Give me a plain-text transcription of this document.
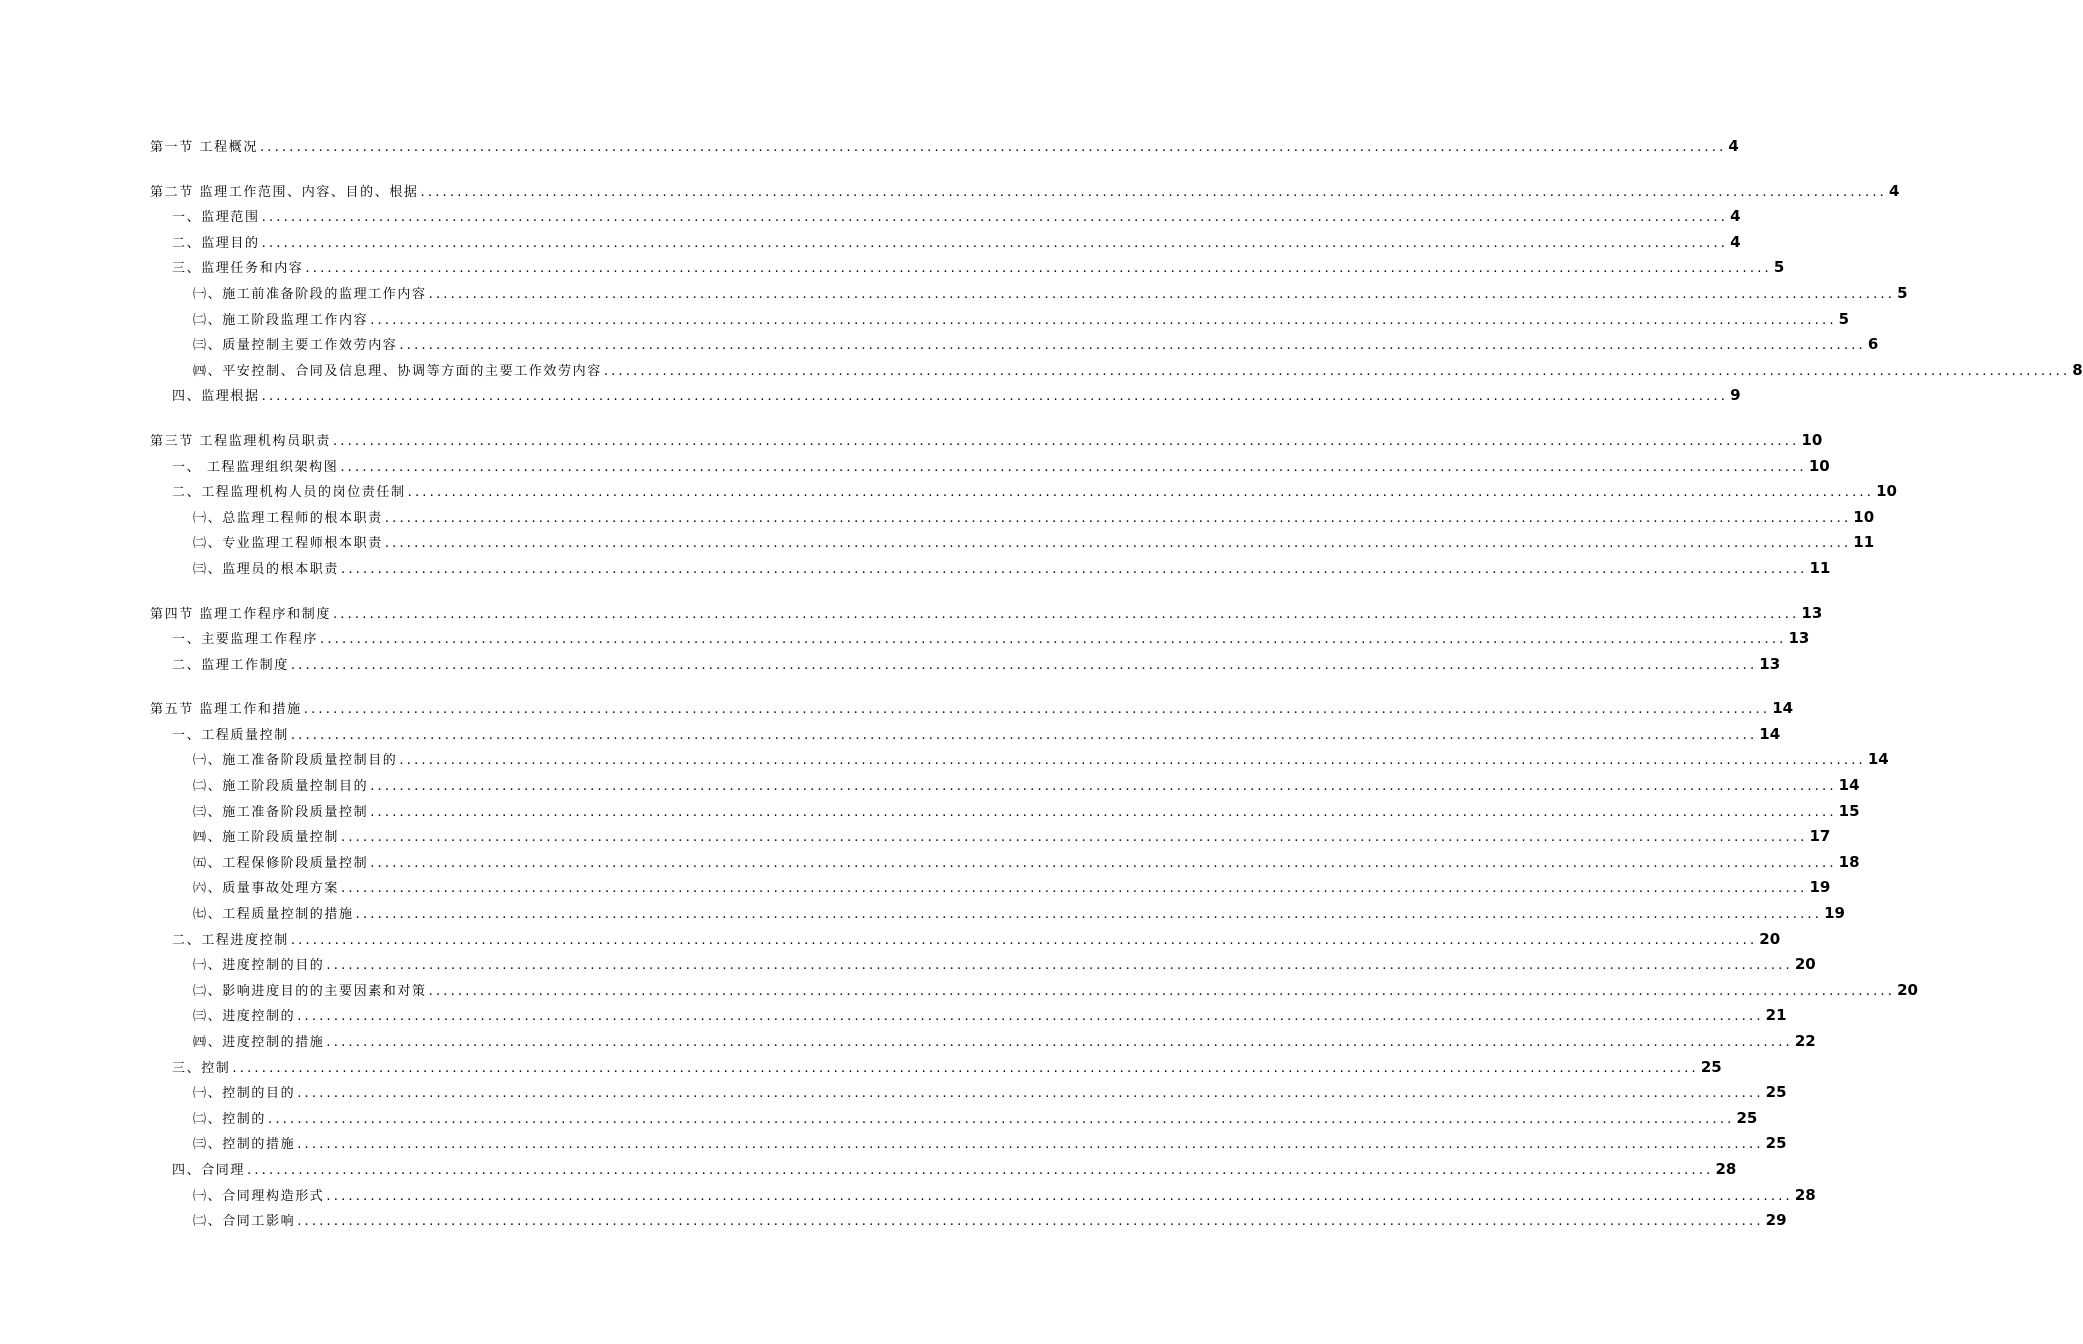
第一节 工程概况 ........................................................................................................................................................................................................ 4
第二节 监理工作范围、内容、目的、根据 ........................................................................................................................................................................................................ 4
一、监理范围 ........................................................................................................................................................................................................ 4
二、监理目的 ........................................................................................................................................................................................................ 4
三、监理任务和内容 ........................................................................................................................................................................................................ 5
㈠、施工前准备阶段的监理工作内容 ........................................................................................................................................................................................................ 5
㈡、施工阶段监理工作内容 ........................................................................................................................................................................................................ 5
㈢、质量控制主要工作效劳内容 ........................................................................................................................................................................................................ 6
㈣、平安控制、合同及信息理、协调等方面的主要工作效劳内容 ........................................................................................................................................................................................................ 8
四、监理根据 ........................................................................................................................................................................................................ 9
第三节 工程监理机构员职责 ........................................................................................................................................................................................................ 10
一、 工程监理组织架构图 ........................................................................................................................................................................................................ 10
二、工程监理机构人员的岗位责任制 ........................................................................................................................................................................................................ 10
㈠、总监理工程师的根本职责 ........................................................................................................................................................................................................ 10
㈡、专业监理工程师根本职责 ........................................................................................................................................................................................................ 11
㈢、监理员的根本职责 ........................................................................................................................................................................................................ 11
第四节 监理工作程序和制度 ........................................................................................................................................................................................................ 13
一、主要监理工作程序 ........................................................................................................................................................................................................ 13
二、监理工作制度 ........................................................................................................................................................................................................ 13
第五节 监理工作和措施 ........................................................................................................................................................................................................ 14
一、工程质量控制 ........................................................................................................................................................................................................ 14
㈠、施工准备阶段质量控制目的 ........................................................................................................................................................................................................ 14
㈡、施工阶段质量控制目的 ........................................................................................................................................................................................................ 14
㈢、施工准备阶段质量控制 ........................................................................................................................................................................................................ 15
㈣、施工阶段质量控制 ........................................................................................................................................................................................................ 17
㈤、工程保修阶段质量控制 ........................................................................................................................................................................................................ 18
㈥、质量事故处理方案 ........................................................................................................................................................................................................ 19
㈦、工程质量控制的措施 ........................................................................................................................................................................................................ 19
二、工程进度控制 ........................................................................................................................................................................................................ 20
㈠、进度控制的目的 ........................................................................................................................................................................................................ 20
㈡、影响进度目的的主要因素和对策 ........................................................................................................................................................................................................ 20
㈢、进度控制的 ........................................................................................................................................................................................................ 21
㈣、进度控制的措施 ........................................................................................................................................................................................................ 22
三、控制 ........................................................................................................................................................................................................ 25
㈠、控制的目的 ........................................................................................................................................................................................................ 25
㈡、控制的 ........................................................................................................................................................................................................ 25
㈢、控制的措施 ........................................................................................................................................................................................................ 25
四、合同理 ........................................................................................................................................................................................................ 28
㈠、合同理构造形式 ........................................................................................................................................................................................................ 28
㈡、合同工影响 ........................................................................................................................................................................................................ 29
